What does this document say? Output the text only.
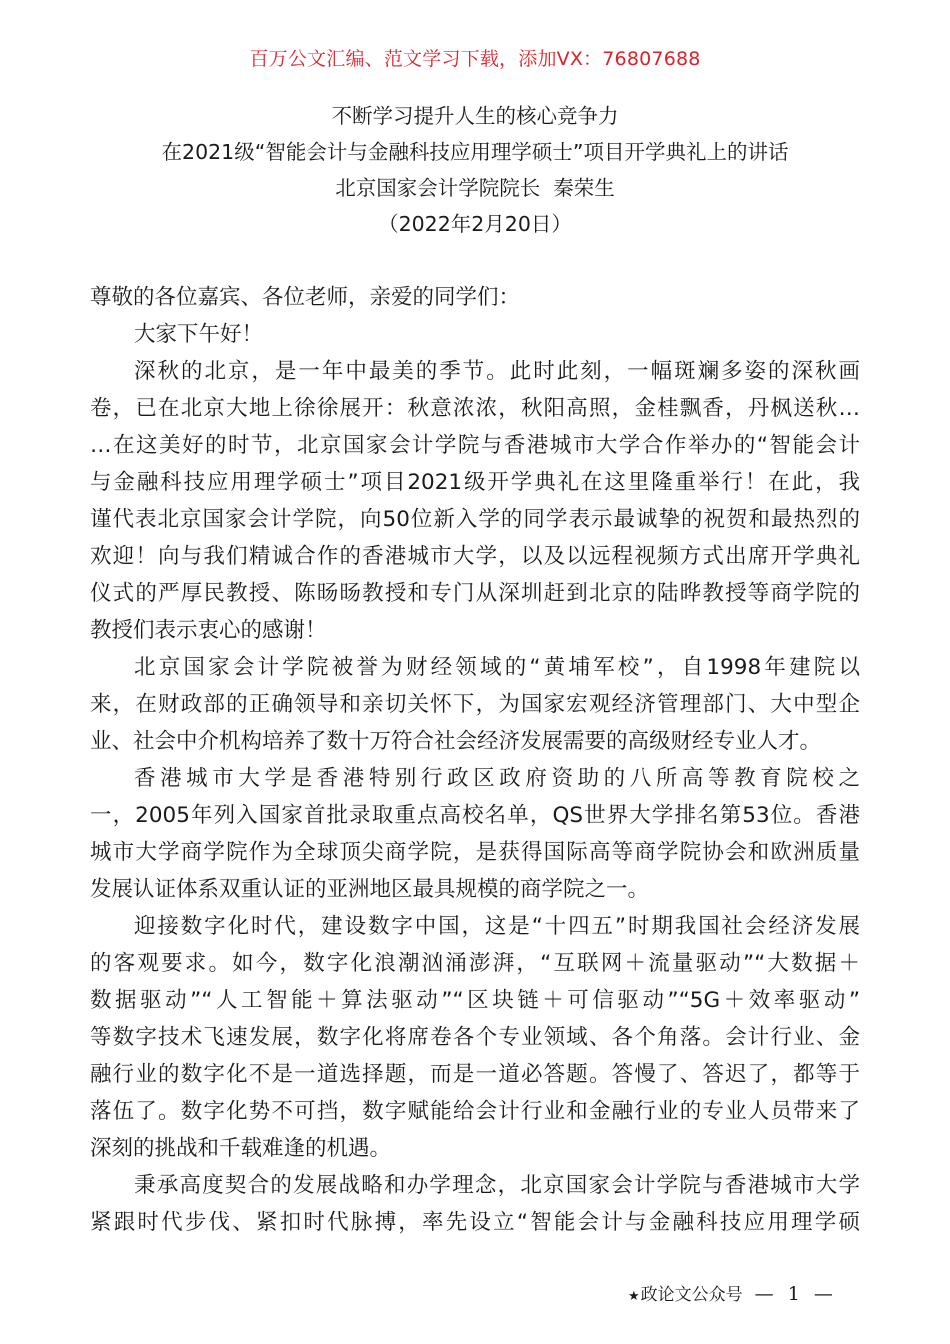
百万公文汇编、范文学习下载，添加VX：76807688
不断学习提升人生的核心竞争力
在2021级“智能会计与金融科技应用理学硕士”项目开学典礼上的讲话
北京国家会计学院院长  秦荣生
（2022年2月20日）
尊敬的各位嘉宾、各位老师，亲爱的同学们：
大家下午好！
深秋的北京，是一年中最美的季节。此时此刻，一幅斑斓多姿的深秋画
卷，已在北京大地上徐徐展开：秋意浓浓，秋阳高照，金桂飘香，丹枫送秋…
…在这美好的时节，北京国家会计学院与香港城市大学合作举办的“智能会计
与金融科技应用理学硕士”项目2021级开学典礼在这里隆重举行！在此，我
谨代表北京国家会计学院，向50位新入学的同学表示最诚挚的祝贺和最热烈的
欢迎！向与我们精诚合作的香港城市大学，以及以远程视频方式出席开学典礼
仪式的严厚民教授、陈旸旸教授和专门从深圳赶到北京的陆晔教授等商学院的
教授们表示衷心的感谢！
北京国家会计学院被誉为财经领域的“黄埔军校”，自1998年建院以
来，在财政部的正确领导和亲切关怀下，为国家宏观经济管理部门、大中型企
业、社会中介机构培养了数十万符合社会经济发展需要的高级财经专业人才。
香港城市大学是香港特别行政区政府资助的八所高等教育院校之
一，2005年列入国家首批录取重点高校名单，QS世界大学排名第53位。香港
城市大学商学院作为全球顶尖商学院，是获得国际高等商学院协会和欧洲质量
发展认证体系双重认证的亚洲地区最具规模的商学院之一。
迎接数字化时代，建设数字中国，这是“十四五”时期我国社会经济发展
的客观要求。如今，数字化浪潮汹涌澎湃，“互联网＋流量驱动”“大数据＋
数据驱动”“人工智能＋算法驱动”“区块链＋可信驱动”“5G＋效率驱动”
等数字技术飞速发展，数字化将席卷各个专业领域、各个角落。会计行业、金
融行业的数字化不是一道选择题，而是一道必答题。答慢了、答迟了，都等于
落伍了。数字化势不可挡，数字赋能给会计行业和金融行业的专业人员带来了
深刻的挑战和千载难逢的机遇。
秉承高度契合的发展战略和办学理念，北京国家会计学院与香港城市大学
紧跟时代步伐、紧扣时代脉搏，率先设立“智能会计与金融科技应用理学硕
★政论文公众号 — 1 —
